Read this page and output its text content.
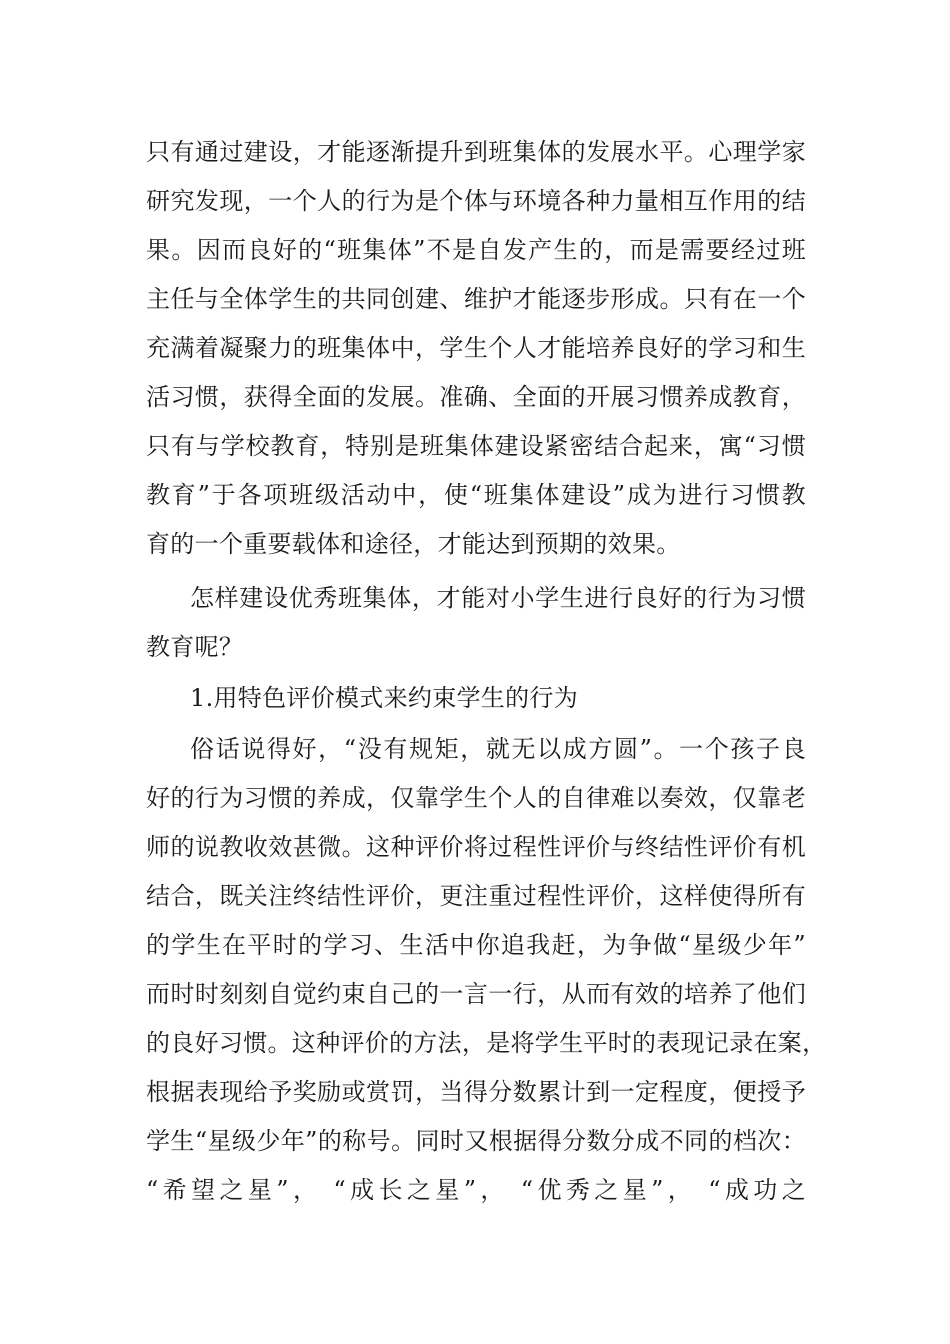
只有通过建设，才能逐渐提升到班集体的发展水平。心理学家
研究发现，一个人的行为是个体与环境各种力量相互作用的结
果。因而良好的“班集体”不是自发产生的，而是需要经过班
主任与全体学生的共同创建、维护才能逐步形成。只有在一个
充满着凝聚力的班集体中，学生个人才能培养良好的学习和生
活习惯，获得全面的发展。准确、全面的开展习惯养成教育，
只有与学校教育，特别是班集体建设紧密结合起来，寓“习惯
教育”于各项班级活动中，使“班集体建设”成为进行习惯教
育的一个重要载体和途径，才能达到预期的效果。
怎样建设优秀班集体，才能对小学生进行良好的行为习惯
教育呢？
1.用特色评价模式来约束学生的行为
俗话说得好，“没有规矩，就无以成方圆”。一个孩子良
好的行为习惯的养成，仅靠学生个人的自律难以奏效，仅靠老
师的说教收效甚微。这种评价将过程性评价与终结性评价有机
结合，既关注终结性评价，更注重过程性评价，这样使得所有
的学生在平时的学习、生活中你追我赶，为争做“星级少年”
而时时刻刻自觉约束自己的一言一行，从而有效的培养了他们
的良好习惯。这种评价的方法，是将学生平时的表现记录在案，
根据表现给予奖励或赏罚，当得分数累计到一定程度，便授予
学生“星级少年”的称号。同时又根据得分数分成不同的档次：
“希望之星”， “成长之星”， “优秀之星”， “成功之
